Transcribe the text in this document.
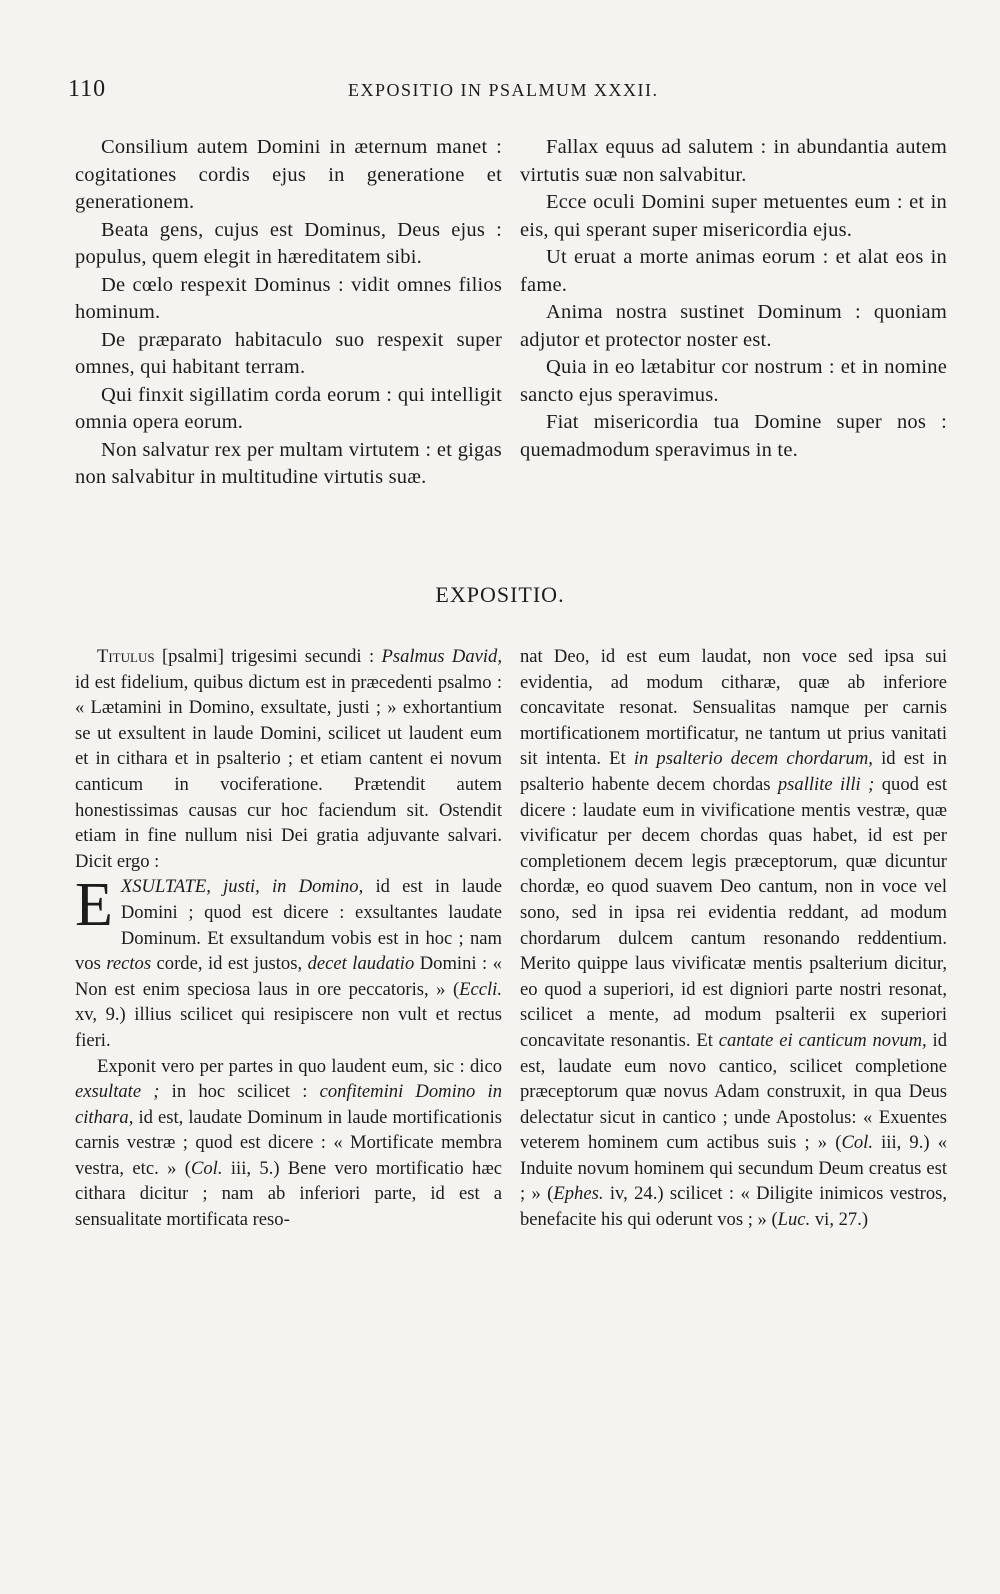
110	EXPOSITIO IN PSALMUM XXXII.

Consilium autem Domini in æternum manet : cogitationes cordis ejus in generatione et generationem.

Beata gens, cujus est Dominus, Deus ejus : populus, quem elegit in hæreditatem sibi.

De cœlo respexit Dominus : vidit omnes filios hominum.

De præparato habitaculo suo respexit super omnes, qui habitant terram.

Qui finxit sigillatim corda eorum : qui intelligit omnia opera eorum.

Non salvatur rex per multam virtutem : et gigas non salvabitur in multitudine virtutis suæ.

Fallax equus ad salutem : in abundantia autem virtutis suæ non salvabitur.

Ecce oculi Domini super metuentes eum : et in eis, qui sperant super misericordia ejus.

Ut eruat a morte animas eorum : et alat eos in fame.

Anima nostra sustinet Dominum : quoniam adjutor et protector noster est.

Quia in eo lætabitur cor nostrum : et in nomine sancto ejus speravimus.

Fiat misericordia tua Domine super nos : quemadmodum speravimus in te.

EXPOSITIO.

Titulus [psalmi] trigesimi secundi : Psalmus David, id est fidelium, quibus dictum est in præcedenti psalmo : « Lætamini in Domino, exsultate, justi ; » exhortantium se ut exsultent in laude Domini, scilicet ut laudent eum et in cithara et in psalterio ; et etiam cantent ei novum canticum in vociferatione. Prætendit autem honestissimas causas cur hoc faciendum sit. Ostendit etiam in fine nullum nisi Dei gratia adjuvante salvari. Dicit ergo :

EXSULTATE, justi, in Domino, id est in laude Domini ; quod est dicere : exsultantes laudate Dominum. Et exsultandum vobis est in hoc ; nam vos rectos corde, id est justos, decet laudatio Domini : « Non est enim speciosa laus in ore peccatoris, » (Eccli. xv, 9.) illius scilicet qui resipiscere non vult et rectus fieri.

Exponit vero per partes in quo laudent eum, sic : dico exsultate ; in hoc scilicet : confitemini Domino in cithara, id est, laudate Dominum in laude mortificationis carnis vestræ ; quod est dicere : « Mortificate membra vestra, etc. » (Col. iii, 5.) Bene vero mortificatio hæc cithara dicitur ; nam ab inferiori parte, id est a sensualitate mortificata reso-

nat Deo, id est eum laudat, non voce sed ipsa sui evidentia, ad modum citharæ, quæ ab inferiore concavitate resonat. Sensualitas namque per carnis mortificationem mortificatur, ne tantum ut prius vanitati sit intenta. Et in psalterio decem chordarum, id est in psalterio habente decem chordas psallite illi ; quod est dicere : laudate eum in vivificatione mentis vestræ, quæ vivificatur per decem chordas quas habet, id est per completionem decem legis præceptorum, quæ dicuntur chordæ, eo quod suavem Deo cantum, non in voce vel sono, sed in ipsa rei evidentia reddant, ad modum chordarum dulcem cantum resonando reddentium. Merito quippe laus vivificatæ mentis psalterium dicitur, eo quod a superiori, id est digniori parte nostri resonat, scilicet a mente, ad modum psalterii ex superiori concavitate resonantis. Et cantate ei canticum novum, id est, laudate eum novo cantico, scilicet completione præceptorum quæ novus Adam construxit, in qua Deus delectatur sicut in cantico ; unde Apostolus: « Exuentes veterem hominem cum actibus suis ; » (Col. iii, 9.) « Induite novum hominem qui secundum Deum creatus est ; » (Ephes. iv, 24.) scilicet : « Diligite inimicos vestros, benefacite his qui oderunt vos ; » (Luc. vi, 27.)
